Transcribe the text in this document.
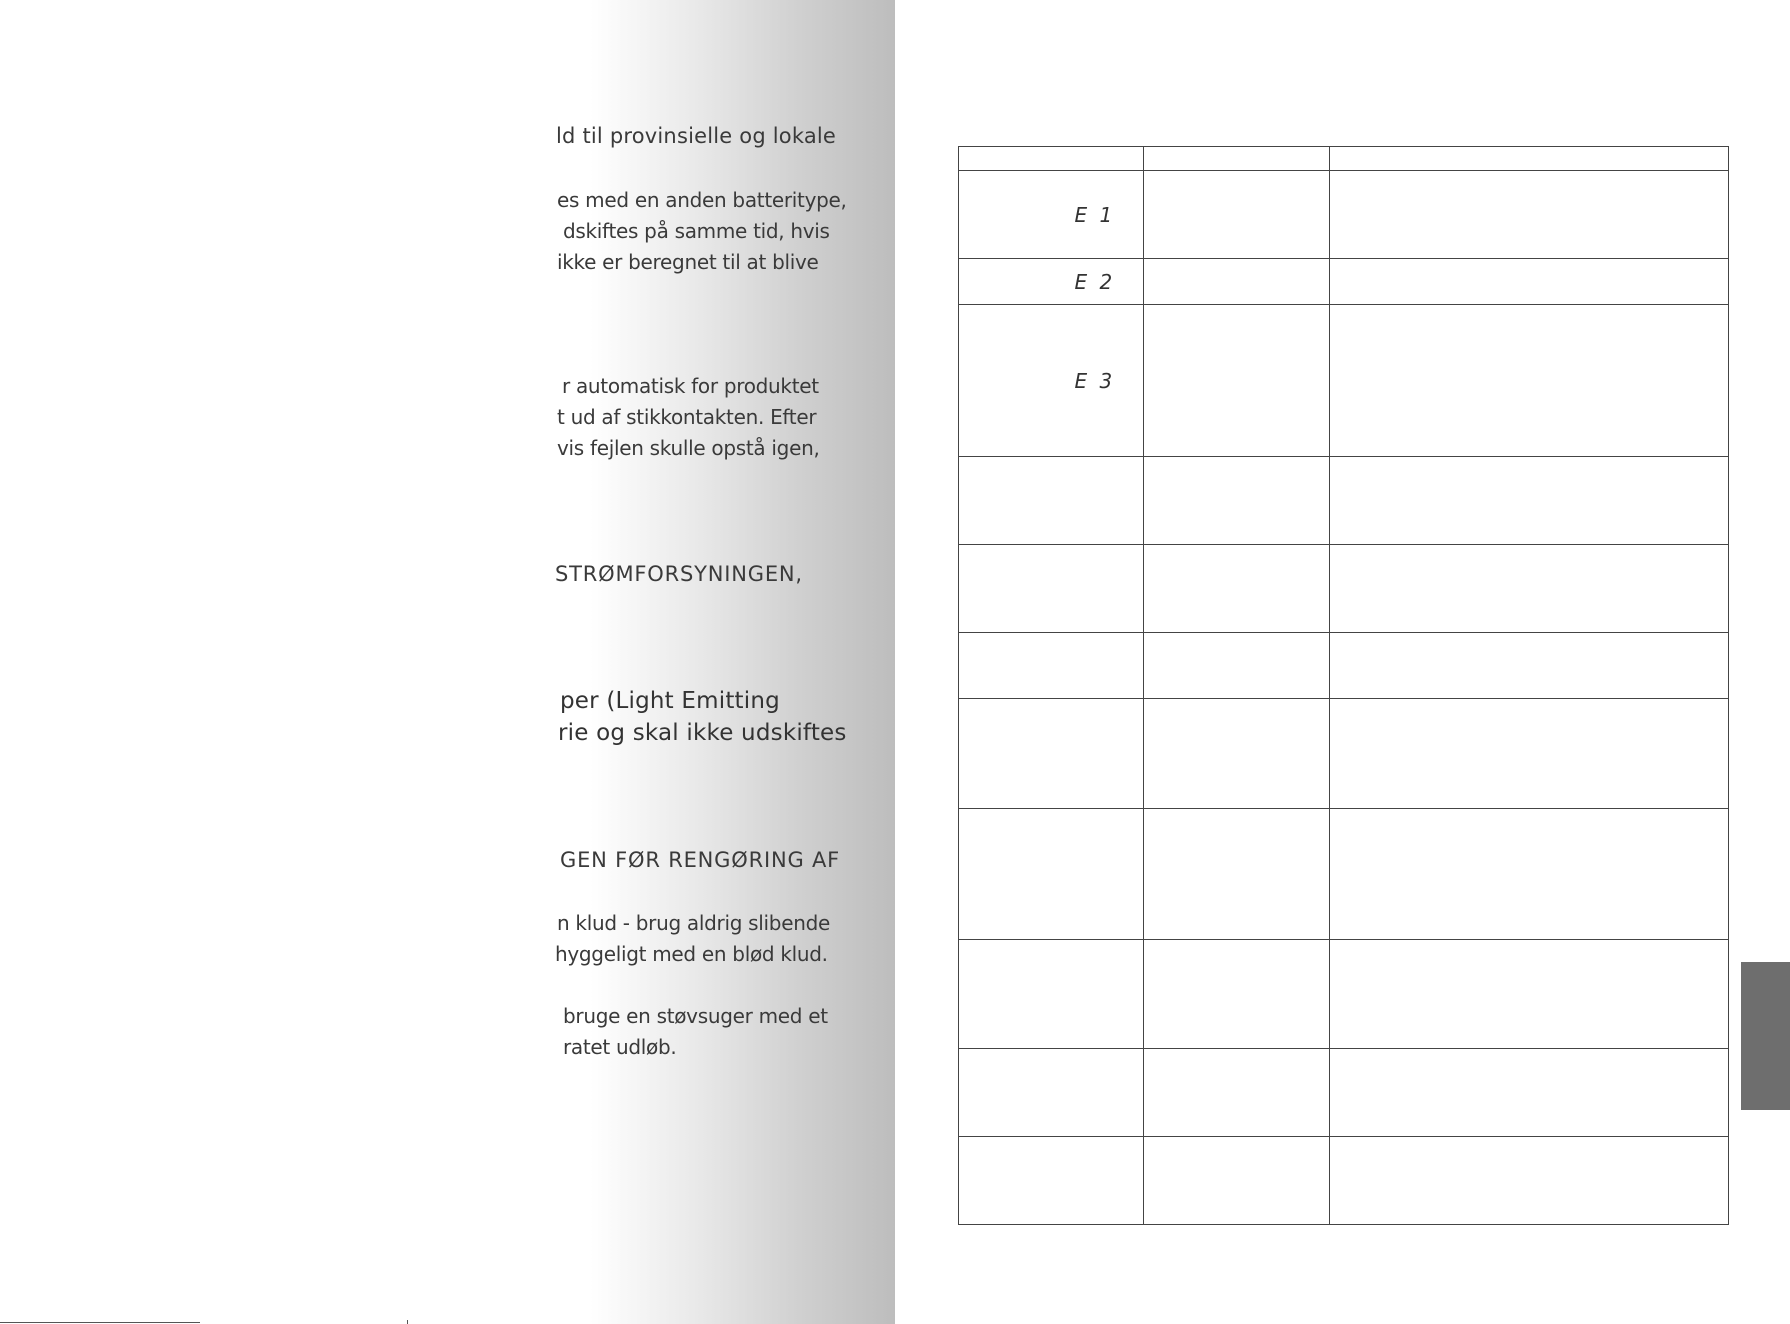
ld til provinsielle og lokale
es med en anden batteritype,
dskiftes på samme tid, hvis
ikke er beregnet til at blive
r automatisk for produktet
t ud af stikkontakten. Efter
vis fejlen skulle opstå igen,
STRØMFORSYNINGEN,
per (Light Emitting
rie og skal ikke udskiftes
GEN FØR RENGØRING AF
n klud - brug aldrig slibende
hyggeligt med en blød klud.
bruge en støvsuger med et
ratet udløb.

E 1		
E 2		
E 3		
